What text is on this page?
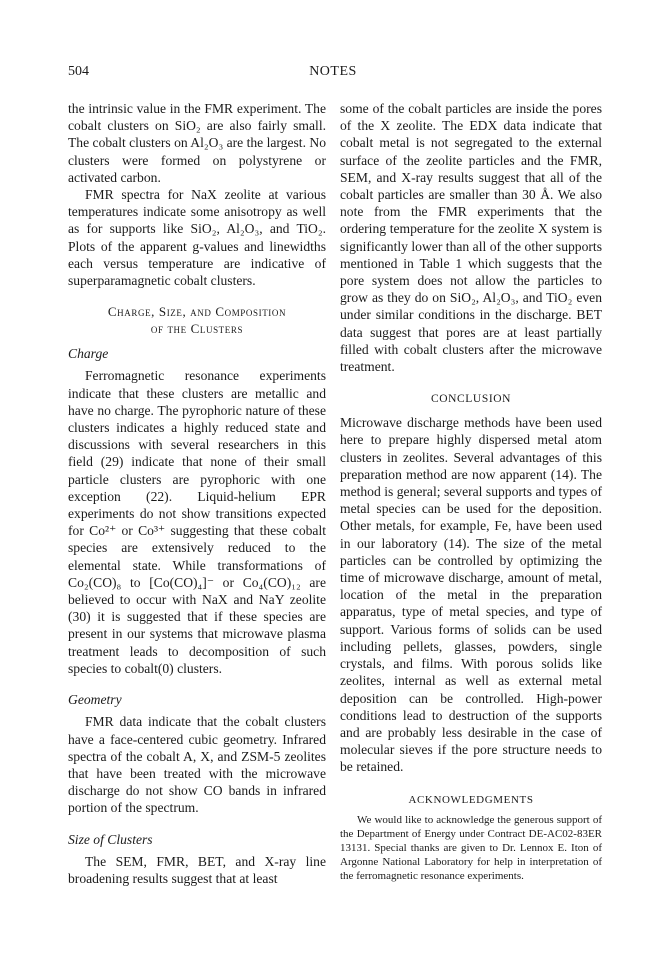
504	NOTES

the intrinsic value in the FMR experiment. The cobalt clusters on SiO₂ are also fairly small. The cobalt clusters on Al₂O₃ are the largest. No clusters were formed on polystyrene or activated carbon.

FMR spectra for NaX zeolite at various temperatures indicate some anisotropy as well as for supports like SiO₂, Al₂O₃, and TiO₂. Plots of the apparent g-values and linewidths each versus temperature are indicative of superparamagnetic cobalt clusters.

Charge, Size, and Composition
of the Clusters

Charge

Ferromagnetic resonance experiments indicate that these clusters are metallic and have no charge. The pyrophoric nature of these clusters indicates a highly reduced state and discussions with several researchers in this field (29) indicate that none of their small particle clusters are pyrophoric with one exception (22). Liquid-helium EPR experiments do not show transitions expected for Co²⁺ or Co³⁺ suggesting that these cobalt species are extensively reduced to the elemental state. While transformations of Co₂(CO)₈ to [Co(CO)₄]⁻ or Co₄(CO)₁₂ are believed to occur with NaX and NaY zeolite (30) it is suggested that if these species are present in our systems that microwave plasma treatment leads to decomposition of such species to cobalt(0) clusters.

Geometry

FMR data indicate that the cobalt clusters have a face-centered cubic geometry. Infrared spectra of the cobalt A, X, and ZSM-5 zeolites that have been treated with the microwave discharge do not show CO bands in infrared portion of the spectrum.

Size of Clusters

The SEM, FMR, BET, and X-ray line broadening results suggest that at least

some of the cobalt particles are inside the pores of the X zeolite. The EDX data indicate that cobalt metal is not segregated to the external surface of the zeolite particles and the FMR, SEM, and X-ray results suggest that all of the cobalt particles are smaller than 30 Å. We also note from the FMR experiments that the ordering temperature for the zeolite X system is significantly lower than all of the other supports mentioned in Table 1 which suggests that the pore system does not allow the particles to grow as they do on SiO₂, Al₂O₃, and TiO₂ even under similar conditions in the discharge. BET data suggest that pores are at least partially filled with cobalt clusters after the microwave treatment.

CONCLUSION

Microwave discharge methods have been used here to prepare highly dispersed metal atom clusters in zeolites. Several advantages of this preparation method are now apparent (14). The method is general; several supports and types of metal species can be used for the deposition. Other metals, for example, Fe, have been used in our laboratory (14). The size of the metal particles can be controlled by optimizing the time of microwave discharge, amount of metal, location of the metal in the preparation apparatus, type of metal species, and type of support. Various forms of solids can be used including pellets, glasses, powders, single crystals, and films. With porous solids like zeolites, internal as well as external metal deposition can be controlled. High-power conditions lead to destruction of the supports and are probably less desirable in the case of molecular sieves if the pore structure needs to be retained.

ACKNOWLEDGMENTS

We would like to acknowledge the generous support of the Department of Energy under Contract DE-AC02-83ER 13131. Special thanks are given to Dr. Lennox E. Iton of Argonne National Laboratory for help in interpretation of the ferromagnetic resonance experiments.
